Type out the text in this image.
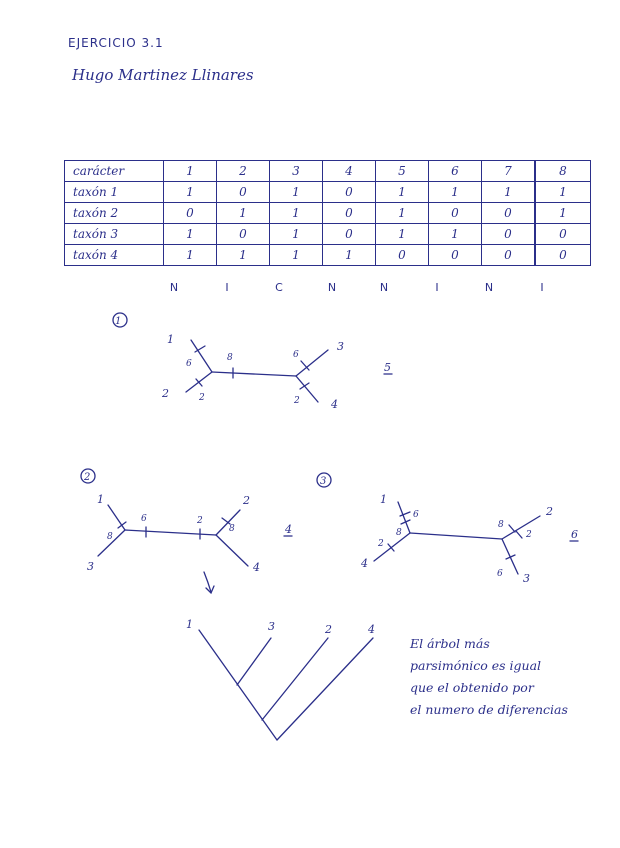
EJERCICIO 3.1
Hugo Martinez Llinares
carácter	1	2	3	4	5	6	7	8
taxón 1	1	0	1	0	1	1	1	1
taxón 2	0	1	1	0	1	0	0	1
taxón 3	1	0	1	0	1	1	0	0
taxón 4	1	1	1	1	0	0	0	0
N	I	C	N	N	I	N	I
1
1
2
3
4
6
2
8	6
2
5
2
1
3
2
4
8
6	2
8	4
3
1
4
2
3
6
8
2
8
2
6
6
1	3	2	4
El árbol más
parsimónico es igual
que el obtenido por
el numero de diferencias
